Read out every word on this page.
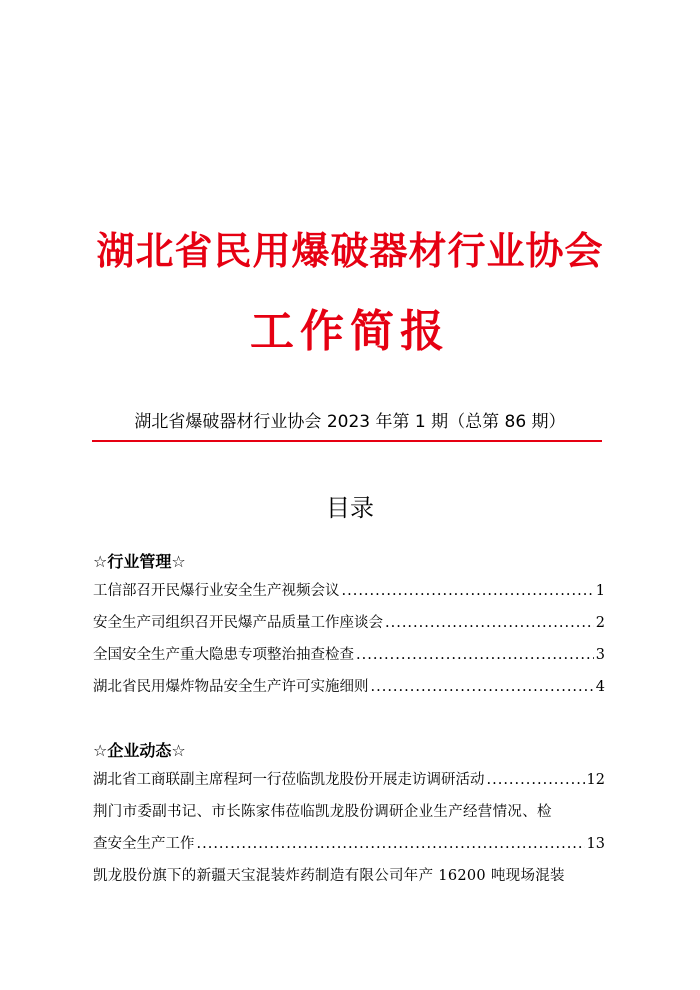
湖北省民用爆破器材行业协会
工作简报
湖北省爆破器材行业协会 2023 年第 1 期（总第 86 期）
目录
☆行业管理☆
工信部召开民爆行业安全生产视频会议 .....	1
安全生产司组织召开民爆产品质量工作座谈会 .....	2
全国安全生产重大隐患专项整治抽查检查 .....	3
湖北省民用爆炸物品安全生产许可实施细则 .....	4
☆企业动态☆
湖北省工商联副主席程珂一行莅临凯龙股份开展走访调研活动 .....	12
荆门市委副书记、市长陈家伟莅临凯龙股份调研企业生产经营情况、检
查安全生产工作 .....	13
凯龙股份旗下的新疆天宝混装炸药制造有限公司年产 16200 吨现场混装
